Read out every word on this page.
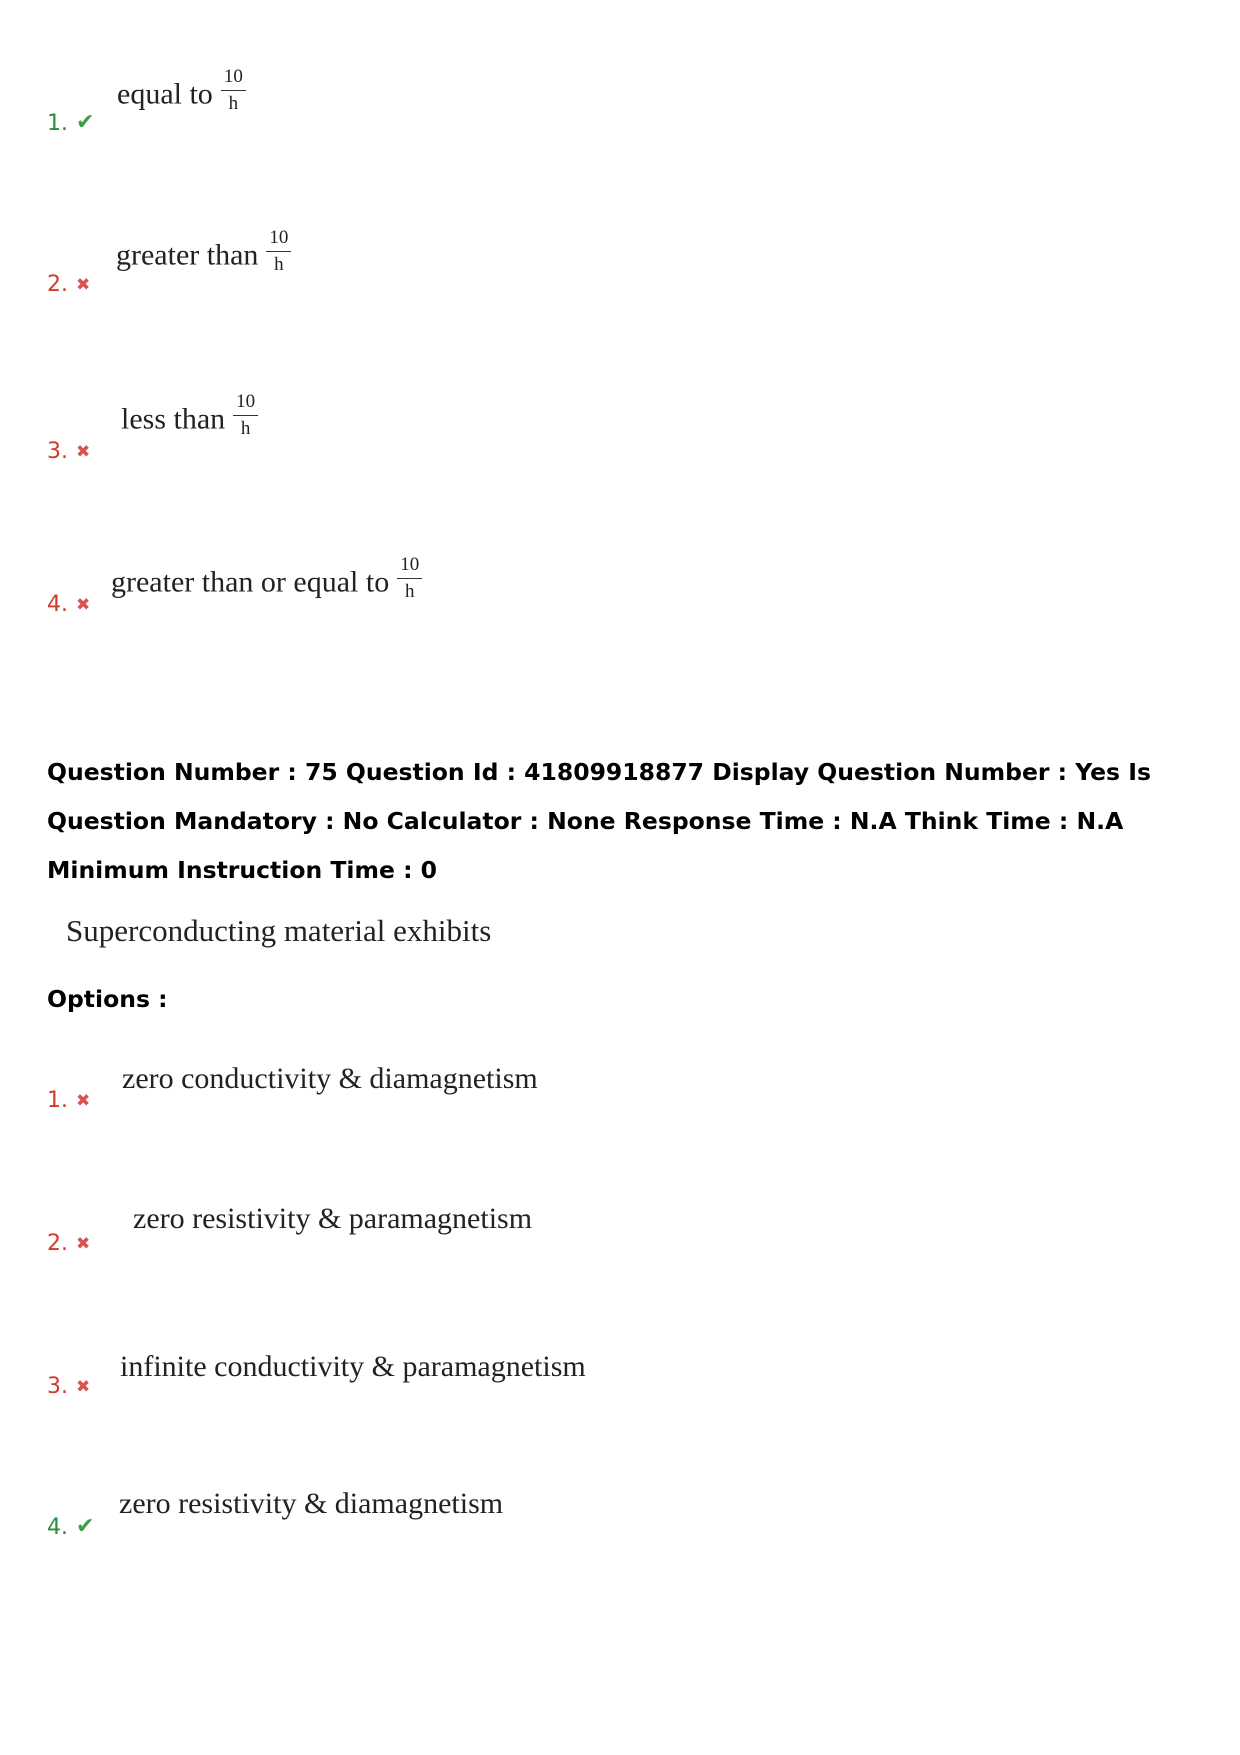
1. ✔
equal to $\frac{10}{h}$
2. ✖
greater than $\frac{10}{h}$
3. ✖
less than $\frac{10}{h}$
4. ✖
greater than or equal to $\frac{10}{h}$
Question Number : 75 Question Id : 41809918877 Display Question Number : Yes Is Question Mandatory : No Calculator : None Response Time : N.A Think Time : N.A Minimum Instruction Time : 0
Superconducting material exhibits
Options :
1. ✖
zero conductivity & diamagnetism
2. ✖
zero resistivity & paramagnetism
3. ✖
infinite conductivity & paramagnetism
4. ✔
zero resistivity & diamagnetism
